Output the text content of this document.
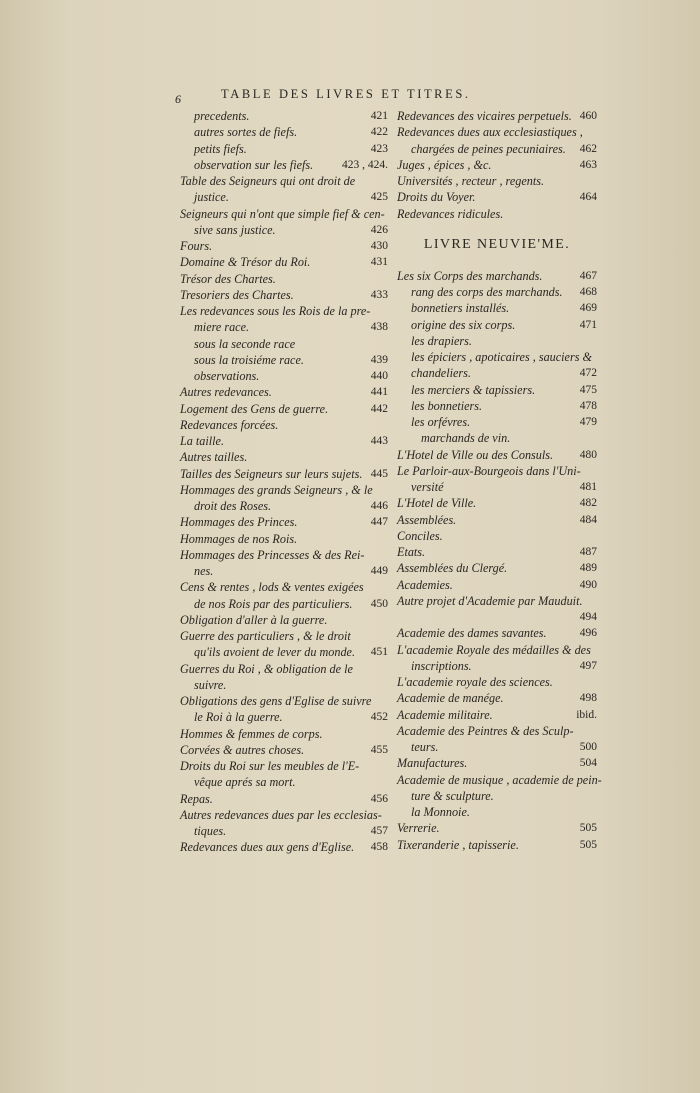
6	TABLE DES LIVRES ET TITRES.
precedents.	421
autres sortes de fiefs.	422
petits fiefs.	423
observation sur les fiefs.	423 , 424.
Table des Seigneurs qui ont droit de
justice.	425
Seigneurs qui n'ont que simple fief & cen-
sive sans justice.	426
Fours.	430
Domaine & Trésor du Roi.	431
Trésor des Chartes.
Tresoriers des Chartes.	433
Les redevances sous les Rois de la pre-
miere race.	438
sous la seconde race
sous la troisiéme race.	439
observations.	440
Autres redevances.	441
Logement des Gens de guerre.	442
Redevances forcées.
La taille.	443
Autres tailles.
Tailles des Seigneurs sur leurs sujets. 445
Hommages des grands Seigneurs , & le
droit des Roses.	446
Hommages des Princes.	447
Hommages de nos Rois.
Hommages des Princesses & des Rei-
nes.	449
Cens & rentes , lods & ventes exigées
de nos Rois par des particuliers. 450
Obligation d'aller à la guerre.
Guerre des particuliers , & le droit
qu'ils avoient de lever du monde. 451
Guerres du Roi , & obligation de le
suivre.
Obligations des gens d'Eglise de suivre
le Roi à la guerre.	452
Hommes & femmes de corps.
Corvées & autres choses.	455
Droits du Roi sur les meubles de l'E-
vêque aprés sa mort.
Repas.	456
Autres redevances dues par les ecclesias-
tiques.	457
Redevances dues aux gens d'Eglise. 458
Redevances des vicaires perpetuels. 460
Redevances dues aux ecclesiastiques ,
chargées de peines pecuniaires. 462
Juges , épices , &c.	463
Universités , recteur , regents.
Droits du Voyer.	464
Redevances ridicules.
LIVRE NEUVIE'ME.
Les six Corps des marchands.	467
rang des corps des marchands. 468
bonnetiers installés.	469
origine des six corps.	471
les drapiers.
les épiciers , apoticaires , sauciers &
chandeliers.	472
les merciers & tapissiers.	475
les bonnetiers.	478
les orfévres.	479
marchands de vin.
L'Hotel de Ville ou des Consuls. 480
Le Parloir-aux-Bourgeois dans l'Uni-
versité	481
L'Hotel de Ville.	482
Assemblées.	484
Conciles.
Etats.	487
Assemblées du Clergé.	489
Academies.	490
Autre projet d'Academie par Mauduit.
494
Academie des dames savantes.	496
L'academie Royale des médailles & des
inscriptions.	497
L'academie royale des sciences.
Academie de manége.	498
Academie militaire.	ibid.
Academie des Peintres & des Sculp-
teurs.	500
Manufactures.	504
Academie de musique , academie de pein-
ture & sculpture.
la Monnoie.
Verrerie.	505
Tixeranderie , tapisserie.	505
